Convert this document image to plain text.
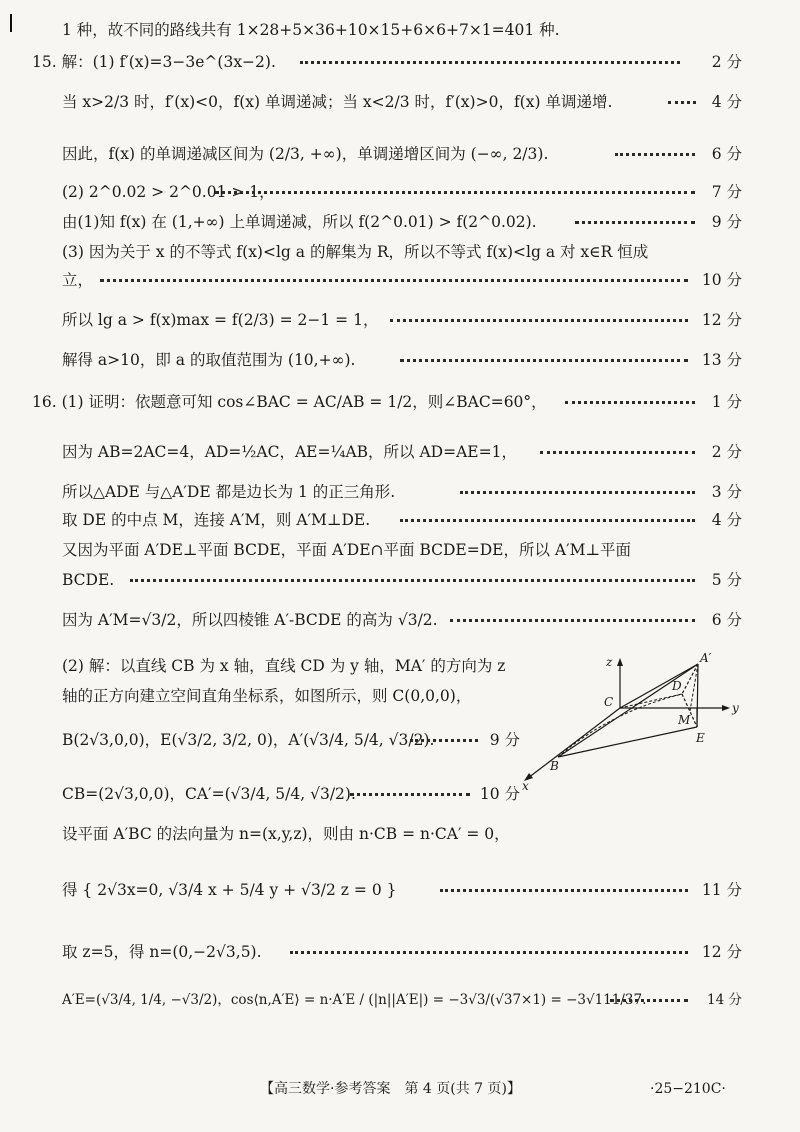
1 种，故不同的路线共有 1×28+5×36+10×15+6×6+7×1=401 种.
15. 解：(1) f′(x)=3−3e^(3x−2).	2 分
当 x>2/3 时，f′(x)<0，f(x) 单调递减；当 x<2/3 时，f′(x)>0，f(x) 单调递增.	4 分
因此，f(x) 的单调递减区间为 (2/3, +∞)，单调递增区间为 (−∞, 2/3).	6 分
(2) 2^0.02 > 2^0.01 > 1，	7 分
由(1)知 f(x) 在 (1,+∞) 上单调递减，所以 f(2^0.01) > f(2^0.02).	9 分
(3) 因为关于 x 的不等式 f(x)<lg a 的解集为 R，所以不等式 f(x)<lg a 对 x∈R 恒成
立，	10 分
所以 lg a > f(x)max = f(2/3) = 2−1 = 1，	12 分
解得 a>10，即 a 的取值范围为 (10,+∞).	13 分
16. (1) 证明：依题意可知 cos∠BAC = AC/AB = 1/2，则∠BAC=60°，	1 分
因为 AB=2AC=4，AD=½AC，AE=¼AB，所以 AD=AE=1，	2 分
所以△ADE 与△A′DE 都是边长为 1 的正三角形.	3 分
取 DE 的中点 M，连接 A′M，则 A′M⊥DE.	4 分
又因为平面 A′DE⊥平面 BCDE，平面 A′DE∩平面 BCDE=DE，所以 A′M⊥平面
BCDE.	5 分
因为 A′M=√3/2，所以四棱锥 A′-BCDE 的高为 √3/2.	6 分
(2) 解：以直线 CB 为 x 轴，直线 CD 为 y 轴，MA′ 的方向为 z
轴的正方向建立空间直角坐标系，如图所示，则 C(0,0,0)，
B(2√3,0,0)，E(√3/2, 3/2, 0)，A′(√3/4, 5/4, √3/2).	9 分
CB=(2√3,0,0)，CA′=(√3/4, 5/4, √3/2).	10 分
设平面 A′BC 的法向量为 n=(x,y,z)，则由 n·CB = n·CA′ = 0，
得 { 2√3x=0, √3/4 x + 5/4 y + √3/2 z = 0 }	11 分
取 z=5，得 n=(0,−2√3,5).	12 分
A′E=(√3/4, 1/4, −√3/2)，cos⟨n,A′E⟩ = n·A′E / (|n||A′E|) = −3√3/(√37×1) = −3√111/37.	14 分
z	A′
C
D
M
y
E
B
x
【高三数学·参考答案　第 4 页(共 7 页)】	·25−210C·
